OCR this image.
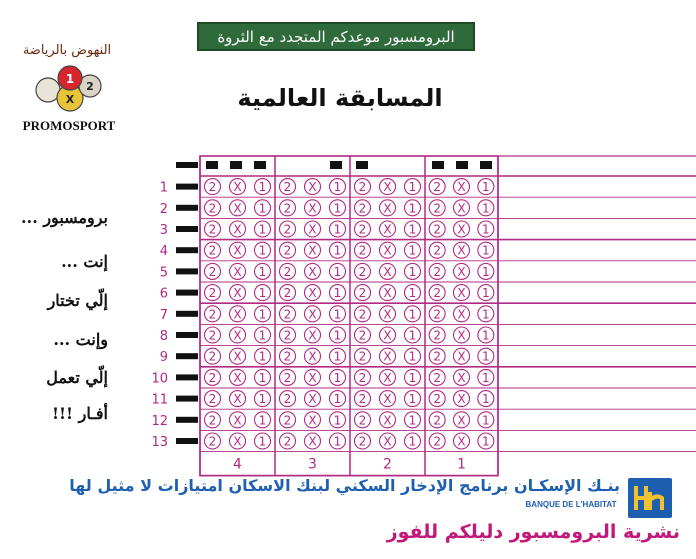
البرومسبور موعدكم المتجدد مع الثروة
المسابقة العالمية
النهوض بالرياضة
1
X
2
PROMOSPORT
برومسبور ...
إنت ...
إلّي تختار
وإنت ...
إلّي تعمل
أفـار !!!
1	2 X 1 2 X 1 2 X 1 2 X 1
2	2 X 1 2 X 1 2 X 1 2 X 1
3	2 X 1 2 X 1 2 X 1 2 X 1
4	2 X 1 2 X 1 2 X 1 2 X 1
5	2 X 1 2 X 1 2 X 1 2 X 1
6	2 X 1 2 X 1 2 X 1 2 X 1
7	2 X 1 2 X 1 2 X 1 2 X 1
8	2 X 1 2 X 1 2 X 1 2 X 1
9	2 X 1 2 X 1 2 X 1 2 X 1
10	2 X 1 2 X 1 2 X 1 2 X 1
11	2 X 1 2 X 1 2 X 1 2 X 1
12	2 X 1 2 X 1 2 X 1 2 X 1
13	2 X 1 2 X 1 2 X 1 2 X 1
4	3	2	1
بنـك الإسكـان برنامج الإدخار السكني لبنك الاسكان امتيازات لا مثيل لها
BANQUE DE L'HABITAT
نشرية البرومسبور دليلكم للفوز
